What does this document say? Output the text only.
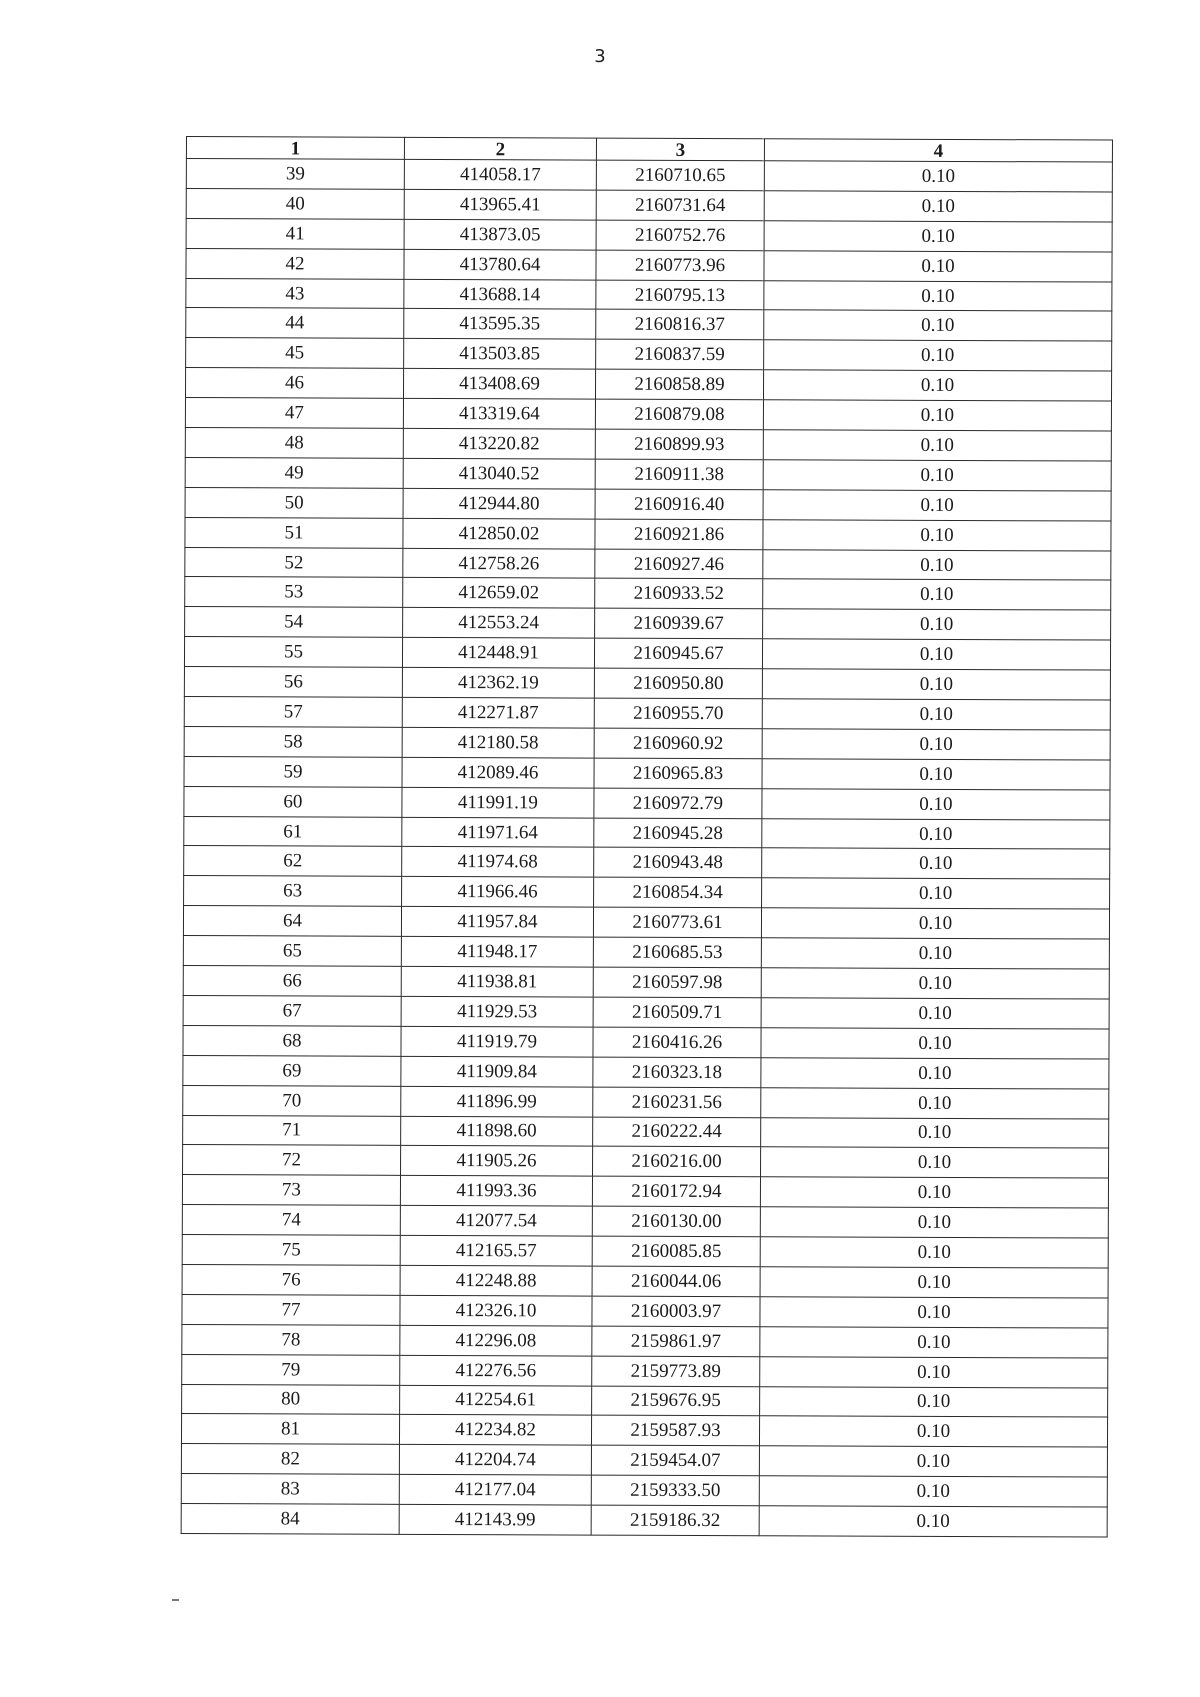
3
1	2	3	4
39	414058.17	2160710.65	0.10
40	413965.41	2160731.64	0.10
41	413873.05	2160752.76	0.10
42	413780.64	2160773.96	0.10
43	413688.14	2160795.13	0.10
44	413595.35	2160816.37	0.10
45	413503.85	2160837.59	0.10
46	413408.69	2160858.89	0.10
47	413319.64	2160879.08	0.10
48	413220.82	2160899.93	0.10
49	413040.52	2160911.38	0.10
50	412944.80	2160916.40	0.10
51	412850.02	2160921.86	0.10
52	412758.26	2160927.46	0.10
53	412659.02	2160933.52	0.10
54	412553.24	2160939.67	0.10
55	412448.91	2160945.67	0.10
56	412362.19	2160950.80	0.10
57	412271.87	2160955.70	0.10
58	412180.58	2160960.92	0.10
59	412089.46	2160965.83	0.10
60	411991.19	2160972.79	0.10
61	411971.64	2160945.28	0.10
62	411974.68	2160943.48	0.10
63	411966.46	2160854.34	0.10
64	411957.84	2160773.61	0.10
65	411948.17	2160685.53	0.10
66	411938.81	2160597.98	0.10
67	411929.53	2160509.71	0.10
68	411919.79	2160416.26	0.10
69	411909.84	2160323.18	0.10
70	411896.99	2160231.56	0.10
71	411898.60	2160222.44	0.10
72	411905.26	2160216.00	0.10
73	411993.36	2160172.94	0.10
74	412077.54	2160130.00	0.10
75	412165.57	2160085.85	0.10
76	412248.88	2160044.06	0.10
77	412326.10	2160003.97	0.10
78	412296.08	2159861.97	0.10
79	412276.56	2159773.89	0.10
80	412254.61	2159676.95	0.10
81	412234.82	2159587.93	0.10
82	412204.74	2159454.07	0.10
83	412177.04	2159333.50	0.10
84	412143.99	2159186.32	0.10
